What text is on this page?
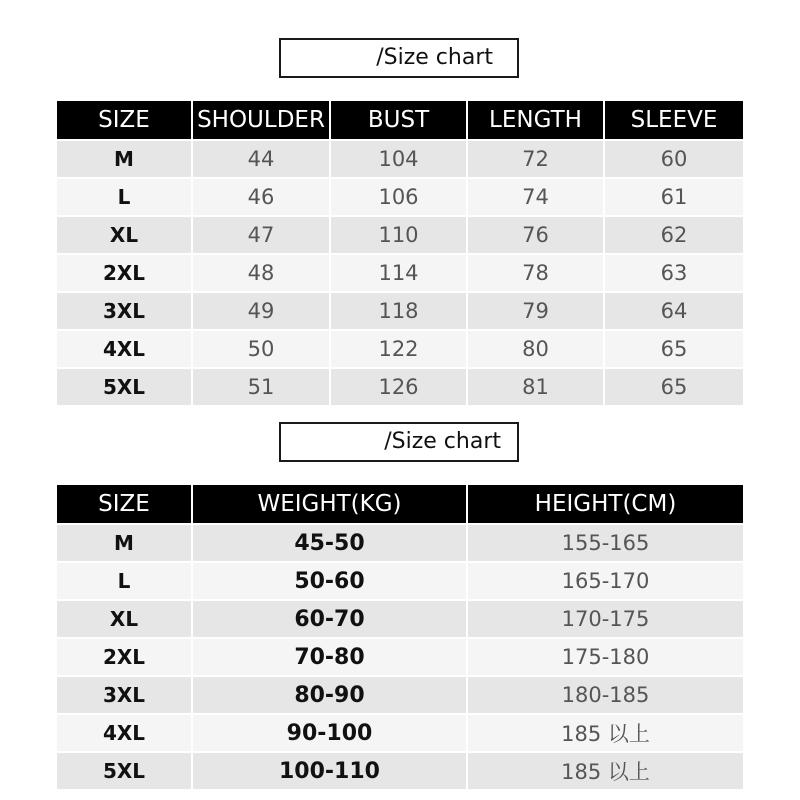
/Size chart
SIZE	SHOULDER	BUST	LENGTH	SLEEVE
M	44	104	72	60
L	46	106	74	61
XL	47	110	76	62
2XL	48	114	78	63
3XL	49	118	79	64
4XL	50	122	80	65
5XL	51	126	81	65
/Size chart
SIZE	WEIGHT(KG)	HEIGHT(CM)
M	45-50	155-165
L	50-60	165-170
XL	60-70	170-175
2XL	70-80	175-180
3XL	80-90	180-185
4XL	90-100	185 以上
5XL	100-110	185 以上
